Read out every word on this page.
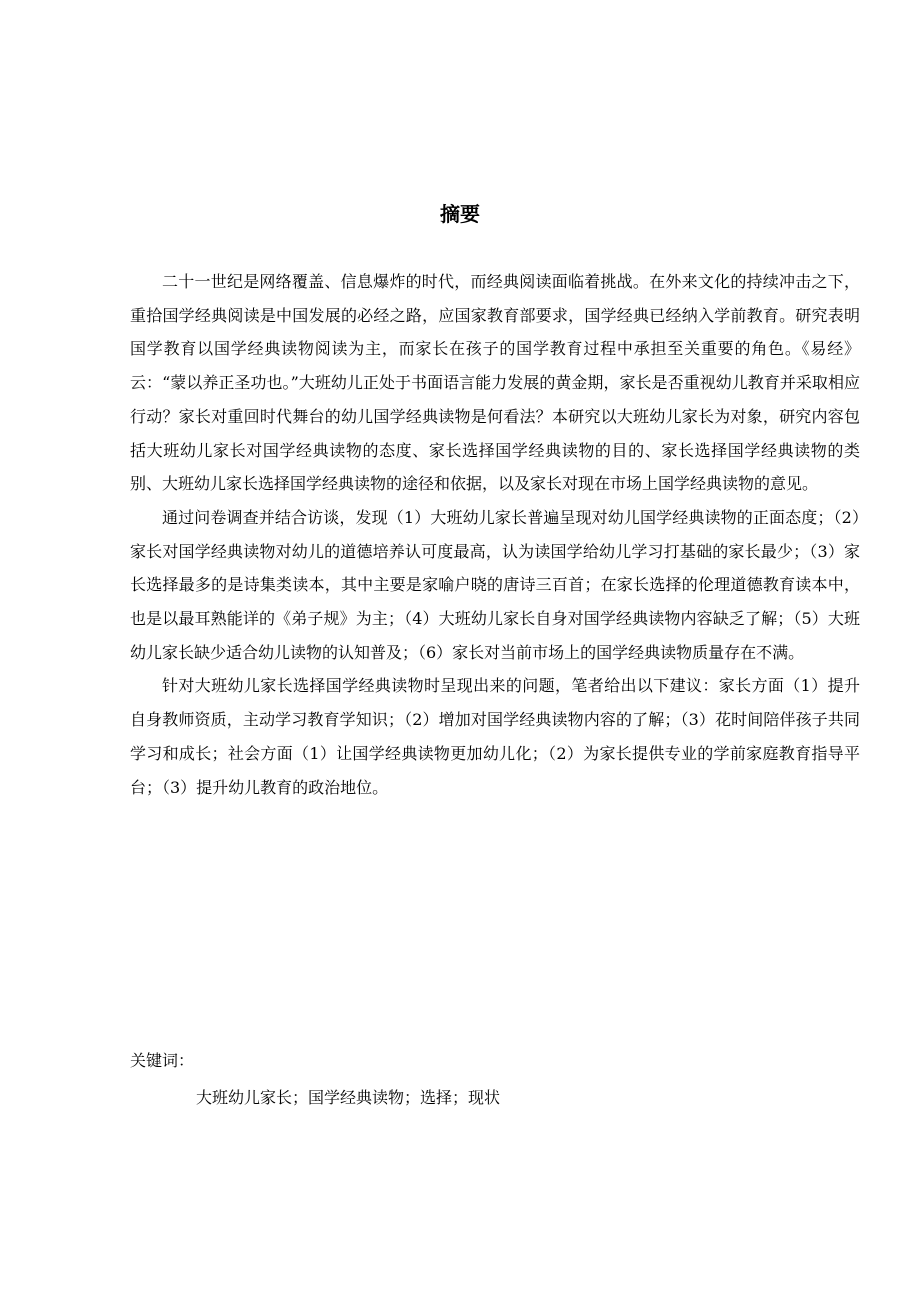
摘要

二十一世纪是网络覆盖、信息爆炸的时代，而经典阅读面临着挑战。在外来文化的持续冲击之下，重拾国学经典阅读是中国发展的必经之路，应国家教育部要求，国学经典已经纳入学前教育。研究表明国学教育以国学经典读物阅读为主，而家长在孩子的国学教育过程中承担至关重要的角色。《易经》云：“蒙以养正圣功也。”大班幼儿正处于书面语言能力发展的黄金期，家长是否重视幼儿教育并采取相应行动？家长对重回时代舞台的幼儿国学经典读物是何看法？本研究以大班幼儿家长为对象，研究内容包括大班幼儿家长对国学经典读物的态度、家长选择国学经典读物的目的、家长选择国学经典读物的类别、大班幼儿家长选择国学经典读物的途径和依据，以及家长对现在市场上国学经典读物的意见。

通过问卷调查并结合访谈，发现（1）大班幼儿家长普遍呈现对幼儿国学经典读物的正面态度；（2）家长对国学经典读物对幼儿的道德培养认可度最高，认为读国学给幼儿学习打基础的家长最少；（3）家长选择最多的是诗集类读本，其中主要是家喻户晓的唐诗三百首；在家长选择的伦理道德教育读本中，也是以最耳熟能详的《弟子规》为主；（4）大班幼儿家长自身对国学经典读物内容缺乏了解；（5）大班幼儿家长缺少适合幼儿读物的认知普及；（6）家长对当前市场上的国学经典读物质量存在不满。

针对大班幼儿家长选择国学经典读物时呈现出来的问题，笔者给出以下建议：家长方面（1）提升自身教师资质，主动学习教育学知识；（2）增加对国学经典读物内容的了解；（3）花时间陪伴孩子共同学习和成长；社会方面（1）让国学经典读物更加幼儿化；（2）为家长提供专业的学前家庭教育指导平台；（3）提升幼儿教育的政治地位。

关键词：
大班幼儿家长；国学经典读物；选择；现状
